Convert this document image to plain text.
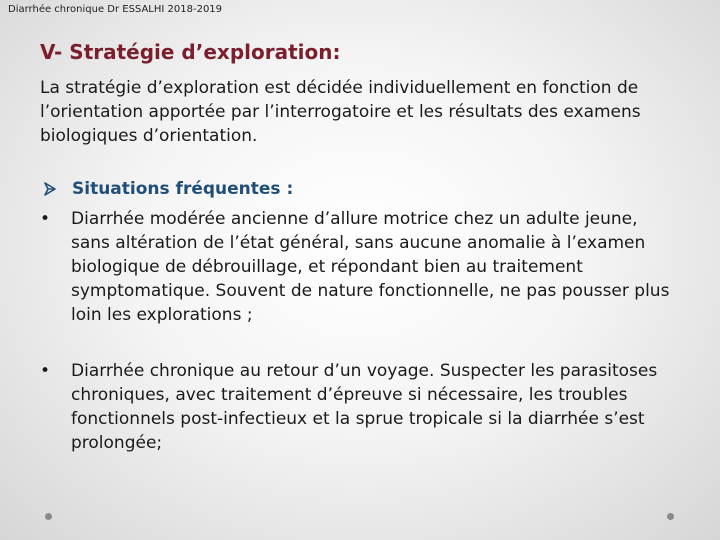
Diarrhée chronique Dr ESSALHI 2018-2019
V- Stratégie d’exploration:
La stratégie d’exploration est décidée individuellement en fonction de l’orientation apportée par l’interrogatoire et les résultats des examens biologiques d’orientation.
Situations fréquentes :
• Diarrhée modérée ancienne d’allure motrice chez un adulte jeune, sans altération de l’état général, sans aucune anomalie à l’examen biologique de débrouillage, et répondant bien au traitement symptomatique. Souvent de nature fonctionnelle, ne pas pousser plus loin les explorations ;
• Diarrhée chronique au retour d’un voyage. Suspecter les parasitoses chroniques, avec traitement d’épreuve si nécessaire, les troubles fonctionnels post-infectieux et la sprue tropicale si la diarrhée s’est prolongée;
